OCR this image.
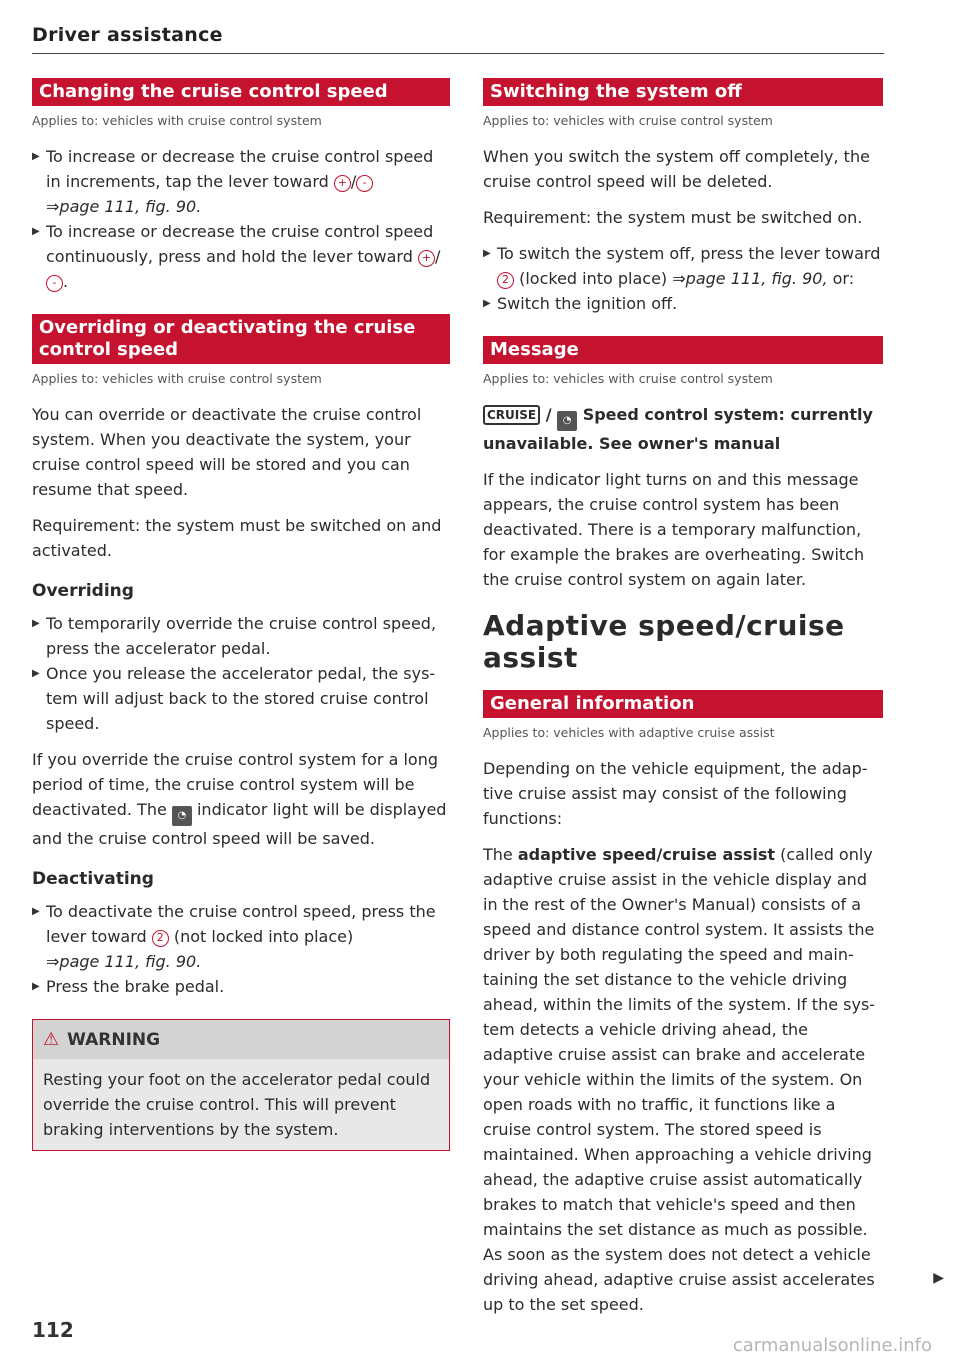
Driver assistance
Changing the cruise control speed
Applies to: vehicles with cruise control system
▶ To increase or decrease the cruise control speed in increments, tap the lever toward + / -
⇒page 111, fig. 90.
▶ To increase or decrease the cruise control speed continuously, press and hold the lever toward + /- .
Overriding or deactivating the cruise control speed
Applies to: vehicles with cruise control system

You can override or deactivate the cruise control system. When you deactivate the system, your cruise control speed will be stored and you can resume that speed.

Requirement: the system must be switched on and activated.

Overriding
▶ To temporarily override the cruise control speed, press the accelerator pedal.
▶ Once you release the accelerator pedal, the system will adjust back to the stored cruise control speed.

If you override the cruise control system for a long period of time, the cruise control system will be deactivated. The ◔ indicator light will be displayed and the cruise control speed will be saved.

Deactivating
▶ To deactivate the cruise control speed, press the lever toward 2 (not locked into place)
⇒page 111, fig. 90.
▶ Press the brake pedal.
⚠ WARNING
Resting your foot on the accelerator pedal could override the cruise control. This will prevent braking interventions by the system.
Switching the system off
Applies to: vehicles with cruise control system

When you switch the system off completely, the cruise control speed will be deleted.

Requirement: the system must be switched on.

▶ To switch the system off, press the lever toward 2 (locked into place) ⇒page 111, fig. 90, or:
▶ Switch the ignition off.
Message
Applies to: vehicles with cruise control system

CRUISE / ◔ Speed control system: currently unavailable. See owner's manual

If the indicator light turns on and this message appears, the cruise control system has been deactivated. There is a temporary malfunction, for example the brakes are overheating. Switch the cruise control system on again later.

Adaptive speed/cruise assist
General information
Applies to: vehicles with adaptive cruise assist

Depending on the vehicle equipment, the adaptive cruise assist may consist of the following functions:

The adaptive speed/cruise assist (called only adaptive cruise assist in the vehicle display and in the rest of the Owner's Manual) consists of a speed and distance control system. It assists the driver by both regulating the speed and maintaining the set distance to the vehicle driving ahead, within the limits of the system. If the system detects a vehicle driving ahead, the adaptive cruise assist can brake and accelerate your vehicle within the limits of the system. On open roads with no traffic, it functions like a cruise control system. The stored speed is maintained. When approaching a vehicle driving ahead, the adaptive cruise assist automatically brakes to match that vehicle's speed and then maintains the set distance as much as possible. As soon as the system does not detect a vehicle driving ahead, adaptive cruise assist accelerates up to the set speed.

▶
112
carmanualsonline.info
